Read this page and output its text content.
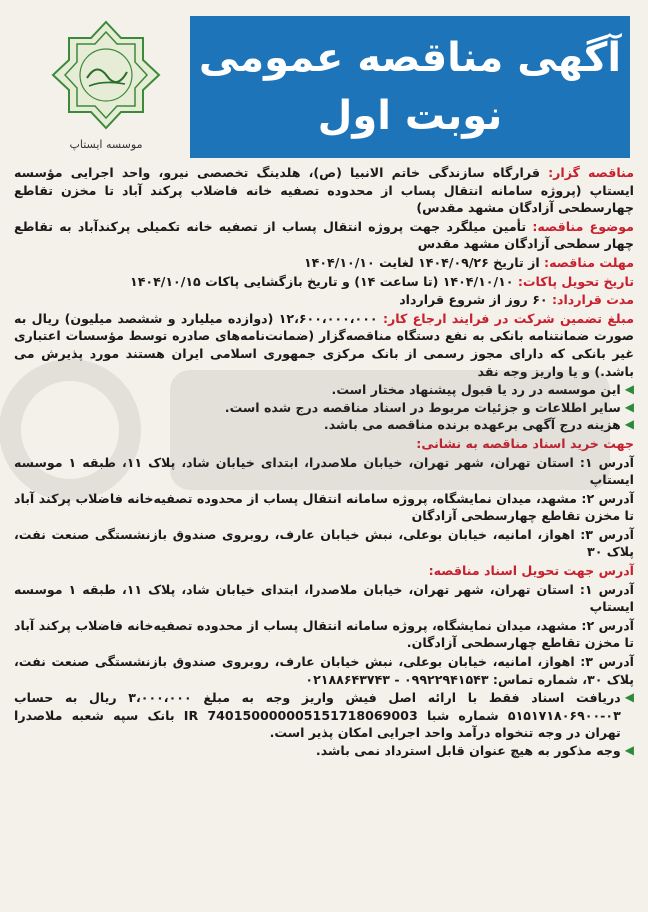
موسسه ایستاپ
آگهی مناقصه عمومی
نوبت اول

مناقصه گزار: قرارگاه سازندگی خاتم الانبیا (ص)، هلدینگ تخصصی نیرو، واحد اجرایی مؤسسه ایستاپ (پروژه سامانه انتقال پساب از محدوده تصفیه خانه فاضلاب پرکند آباد تا مخزن تقاطع چهارسطحی آزادگان مشهد مقدس)

موضوع مناقصه: تأمین میلگرد جهت پروژه انتقال پساب از تصفیه خانه تکمیلی پرکندآباد به تقاطع چهار سطحی آزادگان مشهد مقدس

مهلت مناقصه: از تاریخ ۱۴۰۴/۰۹/۲۶ لغایت ۱۴۰۴/۱۰/۱۰

تاریخ تحویل پاکات: ۱۴۰۴/۱۰/۱۰ (تا ساعت ۱۴) و تاریخ بازگشایی پاکات ۱۴۰۴/۱۰/۱۵

مدت قرارداد: ۶۰ روز از شروع قرارداد

مبلغ تضمین شرکت در فرایند ارجاع کار: ۱۲،۶۰۰،۰۰۰،۰۰۰ (دوازده میلیارد و ششصد میلیون) ریال به صورت ضمانتنامه بانکی به نفع دستگاه مناقصه‌گزار (ضمانت‌نامه‌های صادره توسط مؤسسات اعتباری غیر بانکی که دارای مجوز رسمی از بانک مرکزی جمهوری اسلامی ایران هستند مورد پذیرش می باشد.) و یا واریز وجه نقد

◀
این موسسه در رد یا قبول پیشنهاد مختار است.
◀
سایر اطلاعات و جزئیات مربوط در اسناد مناقصه درج شده است.
◀
هزینه درج آگهی برعهده برنده مناقصه می باشد.

جهت خرید اسناد مناقصه به نشانی:

آدرس ۱: استان تهران، شهر تهران، خیابان ملاصدرا، ابتدای خیابان شاد، پلاک ۱۱، طبقه ۱ موسسه ایستاپ

آدرس ۲: مشهد، میدان نمایشگاه، پروژه سامانه انتقال پساب از محدوده تصفیه‌خانه فاضلاب پرکند آباد تا مخزن تقاطع چهارسطحی آزادگان

آدرس ۳: اهواز، امانیه، خیابان بوعلی، نبش خیابان عارف، روبروی صندوق بازنشستگی صنعت نفت، پلاک ۳۰

آدرس جهت تحویل اسناد مناقصه:

آدرس ۱: استان تهران، شهر تهران، خیابان ملاصدرا، ابتدای خیابان شاد، پلاک ۱۱، طبقه ۱ موسسه ایستاپ

آدرس ۲: مشهد، میدان نمایشگاه، پروژه سامانه انتقال پساب از محدوده تصفیه‌خانه فاضلاب پرکند آباد تا مخزن تقاطع چهارسطحی آزادگان.

آدرس ۳: اهواز، امانیه، خیابان بوعلی، نبش خیابان عارف، روبروی صندوق بازنشستگی صنعت نفت، پلاک ۳۰، شماره تماس: ۰۹۹۲۲۹۴۱۵۴۳ - ۰۲۱۸۸۶۴۳۷۴۳

◀
دریافت اسناد فقط با ارائه اصل فیش واریز وجه به مبلغ ۳،۰۰۰،۰۰۰ ریال به حساب ۰۳-۵۱۵۱۷۱۸۰۶۹۰۰ شماره شبا IR 740150000005151718069003 بانک سپه شعبه ملاصدرا تهران در وجه تنخواه درآمد واحد اجرایی امکان پذیر است.
◀
وجه مذکور به هیچ عنوان قابل استرداد نمی باشد.
